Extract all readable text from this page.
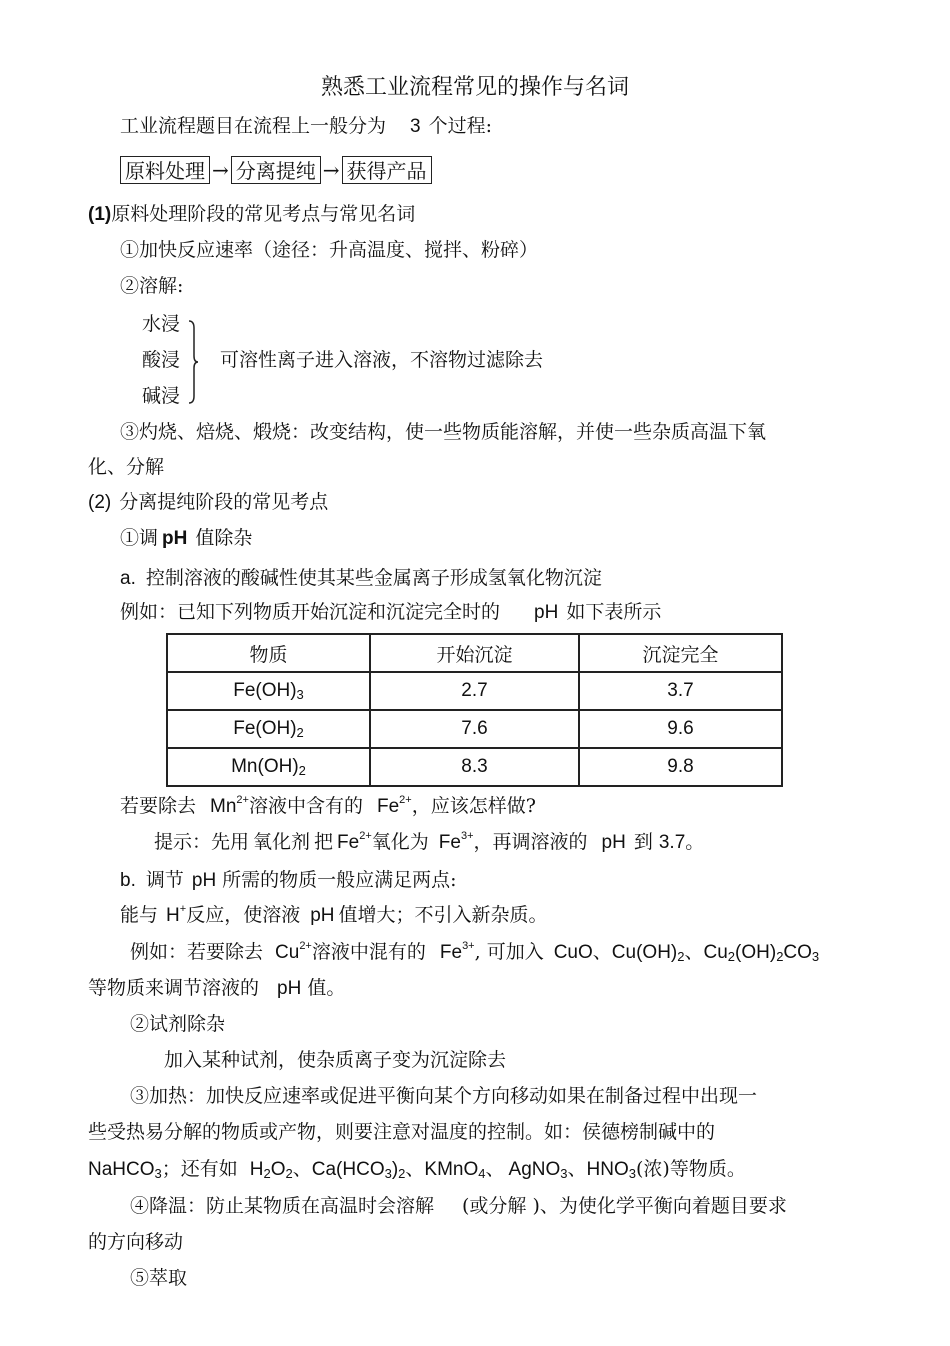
熟悉工业流程常见的操作与名词
工业流程题目在流程上一般分为 3 个过程:
原料处理 → 分离提纯 → 获得产品
(1)原料处理阶段的常见考点与常见名词
①加快反应速率（途径：升高温度、搅拌、粉碎）
②溶解:
水浸
酸浸
碱浸
可溶性离子进入溶液，不溶物过滤除去
③灼烧、焙烧、煅烧：改变结构，使一些物质能溶解，并使一些杂质高温下氧
化、分解
(2) 分离提纯阶段的常见考点
①调 pH 值除杂
a. 控制溶液的酸碱性使其某些金属离子形成氢氧化物沉淀
例如：已知下列物质开始沉淀和沉淀完全时的 pH 如下表所示
物质	开始沉淀	沉淀完全
$Fe(OH)_3$	2.7	3.7
$Fe(OH)_2$	7.6	9.6
$Mn(OH)_2$	8.3	9.8
若要除去 $Mn^{2+}$溶液中含有的 $Fe^{2+}$，应该怎样做?
提示：先用 氧化剂 把 $Fe^{2+}$氧化为 $Fe^{3+}$，再调溶液的 pH 到 3.7。
b. 调节 pH 所需的物质一般应满足两点:
能与 H+反应，使溶液 pH 值增大；不引入新杂质。
例如：若要除去 $Cu^{2+}$溶液中混有的 $Fe^{3+}$, 可加入 CuO、$Cu(OH)_2$、$Cu_2(OH)_2CO_3$
等物质来调节溶液的 pH 值。
②试剂除杂
加入某种试剂，使杂质离子变为沉淀除去
③加热：加快反应速率或促进平衡向某个方向移动如果在制备过程中出现一
些受热易分解的物质或产物，则要注意对温度的控制。如：侯德榜制碱中的
NaHCO$_3$；还有如 $H_2O_2$、$Ca(HCO_3)_2$、KMnO$_4$、 AgNO$_3$、$HNO_3$(浓)等物质。
④降温：防止某物质在高温时会溶解 (或分解 )、为使化学平衡向着题目要求
的方向移动
⑤萃取
